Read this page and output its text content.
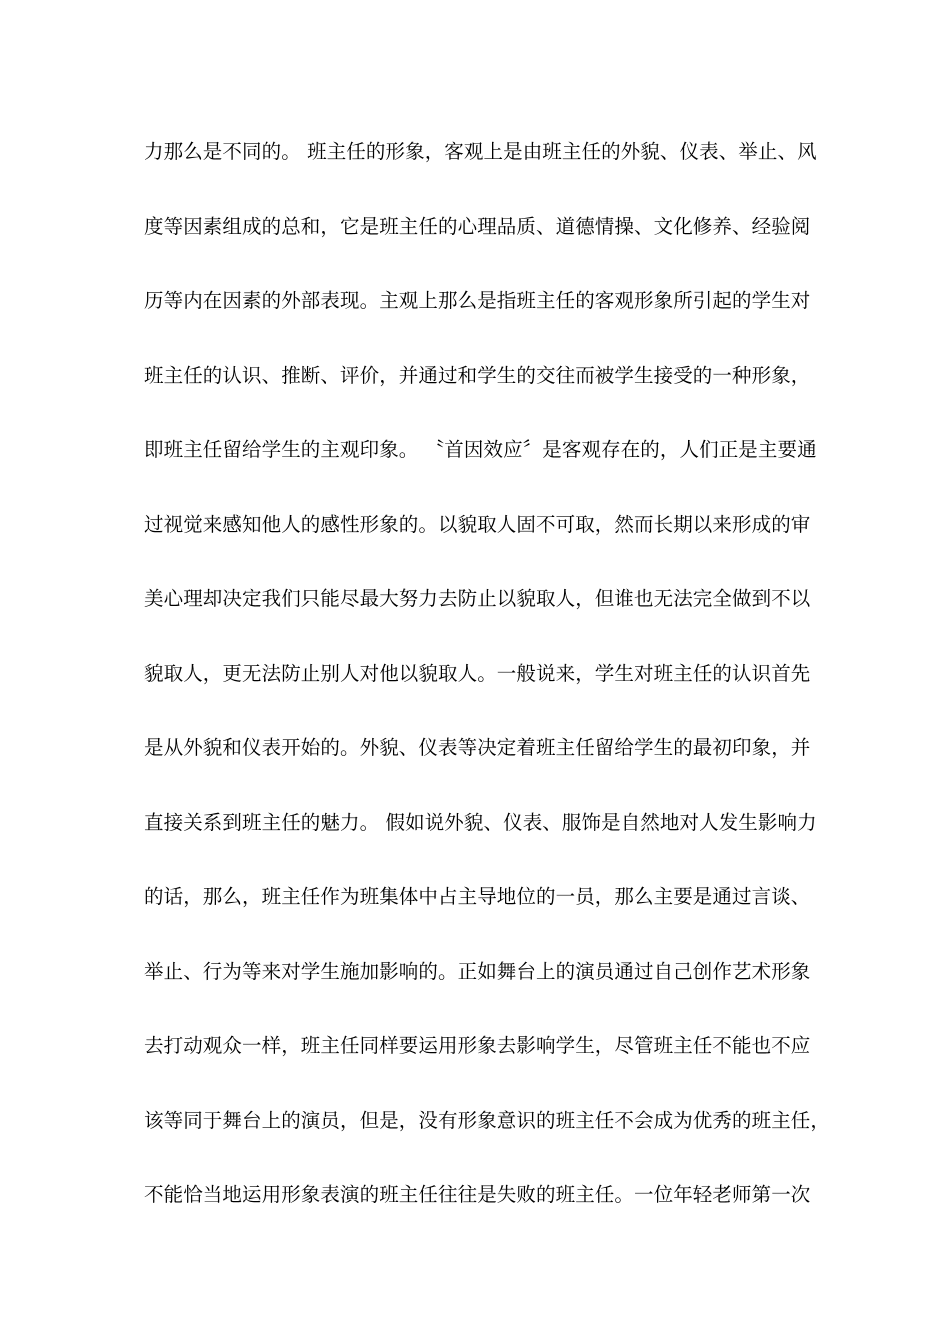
力那么是不同的。 班主任的形象，客观上是由班主任的外貌、仪表、举止、风
度等因素组成的总和，它是班主任的心理品质、道德情操、文化修养、经验阅
历等内在因素的外部表现。主观上那么是指班主任的客观形象所引起的学生对
班主任的认识、推断、评价，并通过和学生的交往而被学生接受的一种形象，
即班主任留给学生的主观印象。 〝首因效应〞是客观存在的，人们正是主要通
过视觉来感知他人的感性形象的。以貌取人固不可取，然而长期以来形成的审
美心理却决定我们只能尽最大努力去防止以貌取人，但谁也无法完全做到不以
貌取人，更无法防止别人对他以貌取人。一般说来，学生对班主任的认识首先
是从外貌和仪表开始的。外貌、仪表等决定着班主任留给学生的最初印象，并
直接关系到班主任的魅力。 假如说外貌、仪表、服饰是自然地对人发生影响力
的话，那么，班主任作为班集体中占主导地位的一员，那么主要是通过言谈、
举止、行为等来对学生施加影响的。正如舞台上的演员通过自己创作艺术形象
去打动观众一样，班主任同样要运用形象去影响学生，尽管班主任不能也不应
该等同于舞台上的演员，但是，没有形象意识的班主任不会成为优秀的班主任，
不能恰当地运用形象表演的班主任往往是失败的班主任。一位年轻老师第一次
